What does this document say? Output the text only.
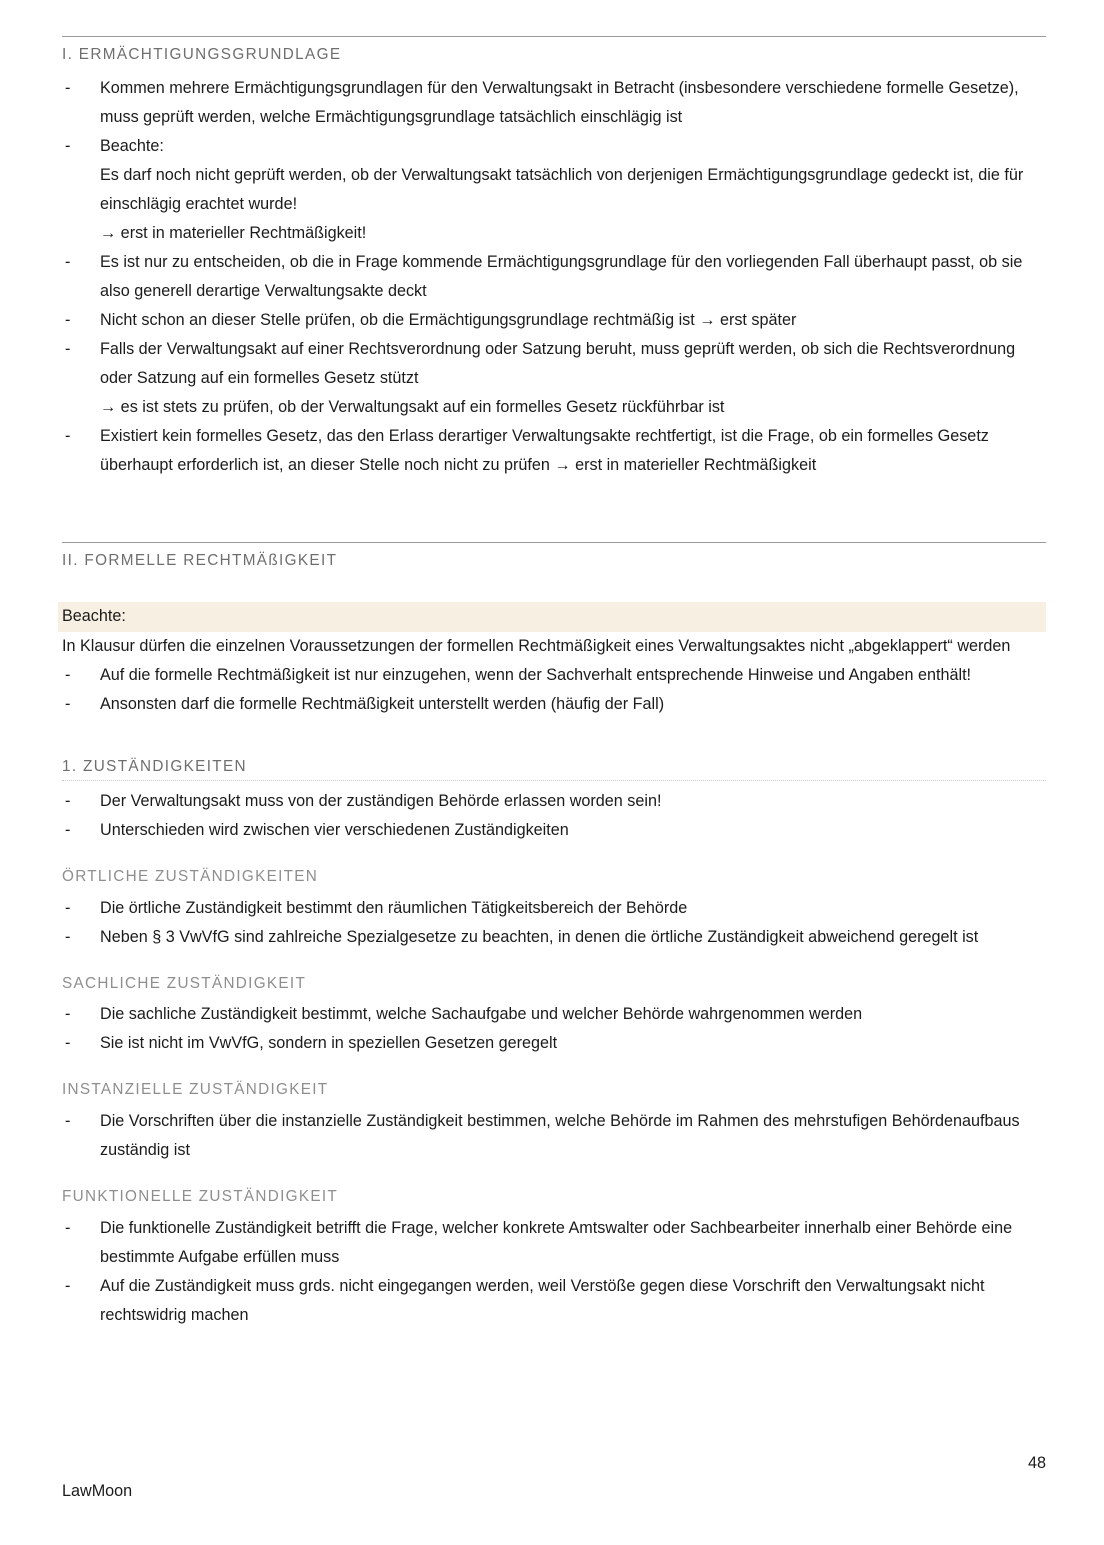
I. ERMÄCHTIGUNGSGRUNDLAGE
- Kommen mehrere Ermächtigungsgrundlagen für den Verwaltungsakt in Betracht (insbesondere verschiedene formelle Gesetze), muss geprüft werden, welche Ermächtigungsgrundlage tatsächlich einschlägig ist
- Beachte:
Es darf noch nicht geprüft werden, ob der Verwaltungsakt tatsächlich von derjenigen Ermächtigungsgrundlage gedeckt ist, die für einschlägig erachtet wurde!
→ erst in materieller Rechtmäßigkeit!
- Es ist nur zu entscheiden, ob die in Frage kommende Ermächtigungsgrundlage für den vorliegenden Fall überhaupt passt, ob sie also generell derartige Verwaltungsakte deckt
- Nicht schon an dieser Stelle prüfen, ob die Ermächtigungsgrundlage rechtmäßig ist → erst später
- Falls der Verwaltungsakt auf einer Rechtsverordnung oder Satzung beruht, muss geprüft werden, ob sich die Rechtsverordnung oder Satzung auf ein formelles Gesetz stützt
→ es ist stets zu prüfen, ob der Verwaltungsakt auf ein formelles Gesetz rückführbar ist
- Existiert kein formelles Gesetz, das den Erlass derartiger Verwaltungsakte rechtfertigt, ist die Frage, ob ein formelles Gesetz überhaupt erforderlich ist, an dieser Stelle noch nicht zu prüfen → erst in materieller Rechtmäßigkeit
II. FORMELLE RECHTMÄßIGKEIT
Beachte:

In Klausur dürfen die einzelnen Voraussetzungen der formellen Rechtmäßigkeit eines Verwaltungsaktes nicht „abgeklappert“ werden

- Auf die formelle Rechtmäßigkeit ist nur einzugehen, wenn der Sachverhalt entsprechende Hinweise und Angaben enthält!
- Ansonsten darf die formelle Rechtmäßigkeit unterstellt werden (häufig der Fall)
1. ZUSTÄNDIGKEITEN
- Der Verwaltungsakt muss von der zuständigen Behörde erlassen worden sein!
- Unterschieden wird zwischen vier verschiedenen Zuständigkeiten
ÖRTLICHE ZUSTÄNDIGKEITEN
- Die örtliche Zuständigkeit bestimmt den räumlichen Tätigkeitsbereich der Behörde
- Neben § 3 VwVfG sind zahlreiche Spezialgesetze zu beachten, in denen die örtliche Zuständigkeit abweichend geregelt ist
SACHLICHE ZUSTÄNDIGKEIT
- Die sachliche Zuständigkeit bestimmt, welche Sachaufgabe und welcher Behörde wahrgenommen werden
- Sie ist nicht im VwVfG, sondern in speziellen Gesetzen geregelt
INSTANZIELLE ZUSTÄNDIGKEIT
- Die Vorschriften über die instanzielle Zuständigkeit bestimmen, welche Behörde im Rahmen des mehrstufigen Behördenaufbaus zuständig ist
FUNKTIONELLE ZUSTÄNDIGKEIT
- Die funktionelle Zuständigkeit betrifft die Frage, welcher konkrete Amtswalter oder Sachbearbeiter innerhalb einer Behörde eine bestimmte Aufgabe erfüllen muss
- Auf die Zuständigkeit muss grds. nicht eingegangen werden, weil Verstöße gegen diese Vorschrift den Verwaltungsakt nicht rechtswidrig machen
48
LawMoon
